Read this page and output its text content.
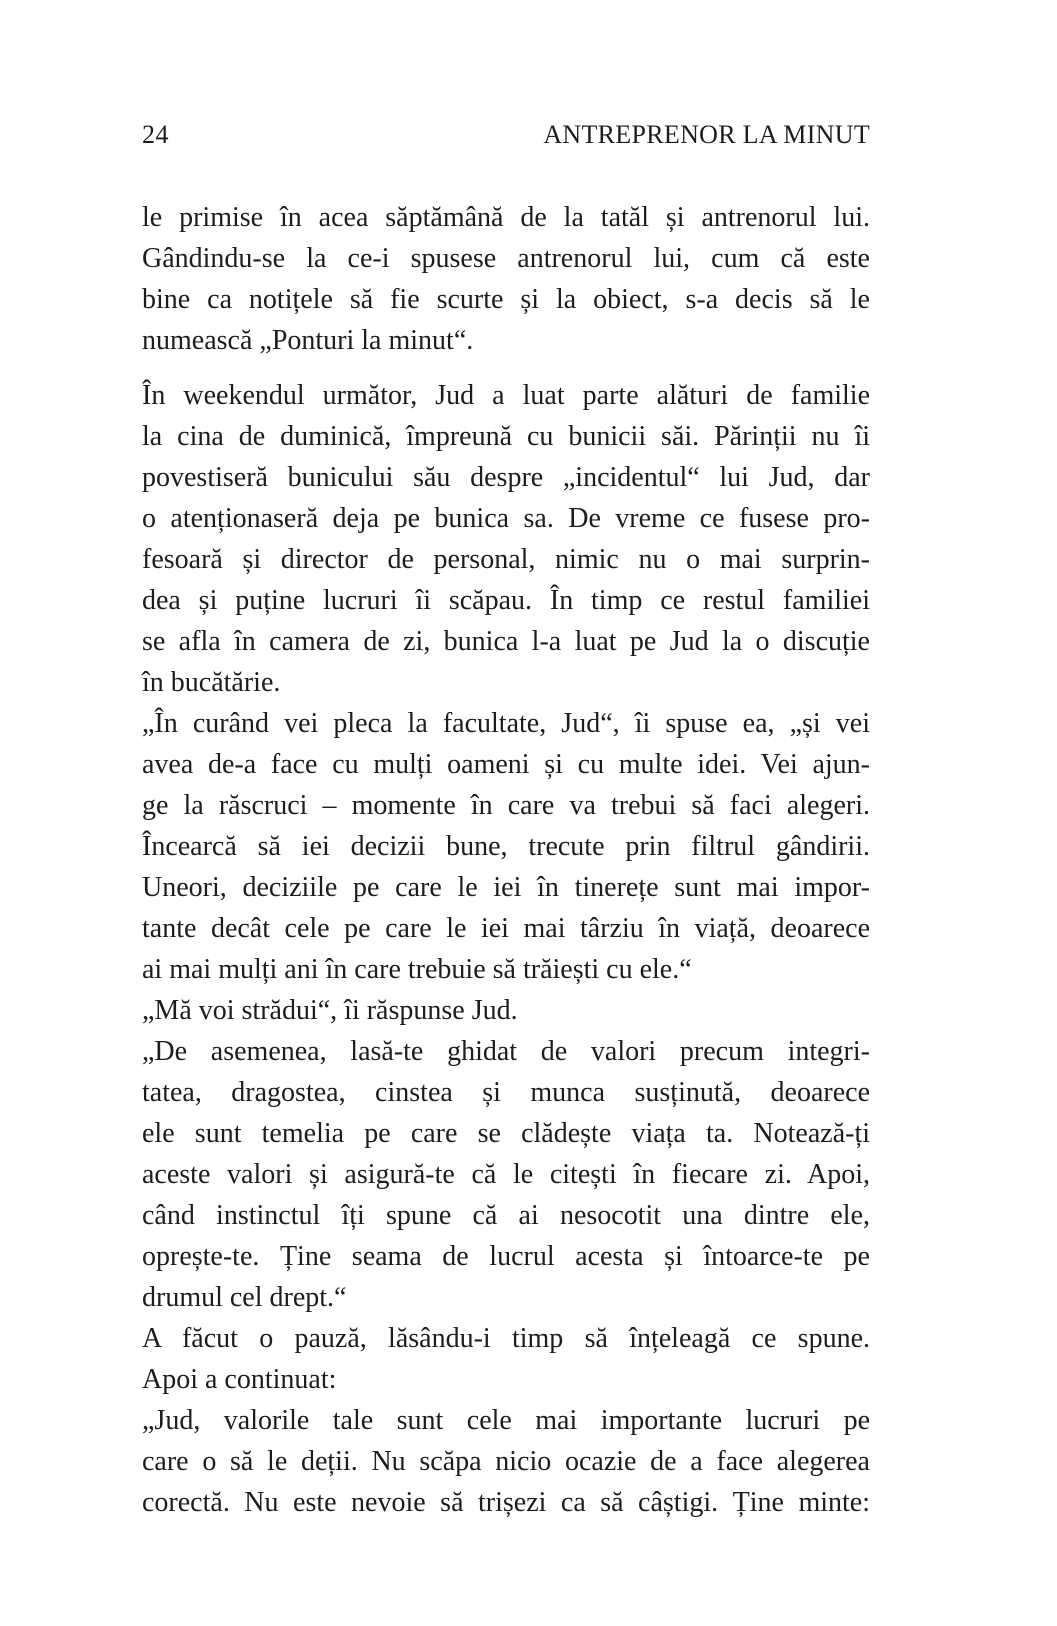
24	ANTREPRENOR LA MINUT
le primise în acea săptămână de la tatăl și antrenorul lui.
Gândindu-se la ce-i spusese antrenorul lui, cum că este
bine ca notițele să fie scurte și la obiect, s-a decis să le
numească „Ponturi la minut“.
În weekendul următor, Jud a luat parte alături de familie
la cina de duminică, împreună cu bunicii săi. Părinții nu îi
povestiseră bunicului său despre „incidentul“ lui Jud, dar
o atenționaseră deja pe bunica sa. De vreme ce fusese pro-
fesoară și director de personal, nimic nu o mai surprin-
dea și puține lucruri îi scăpau. În timp ce restul familiei
se afla în camera de zi, bunica l-a luat pe Jud la o discuție
în bucătărie.
„În curând vei pleca la facultate, Jud“, îi spuse ea, „și vei
avea de-a face cu mulți oameni și cu multe idei. Vei ajun-
ge la răscruci – momente în care va trebui să faci alegeri.
Încearcă să iei decizii bune, trecute prin filtrul gândirii.
Uneori, deciziile pe care le iei în tinerețe sunt mai impor-
tante decât cele pe care le iei mai târziu în viață, deoarece
ai mai mulți ani în care trebuie să trăiești cu ele.“
„Mă voi strădui“, îi răspunse Jud.
„De asemenea, lasă-te ghidat de valori precum integri-
tatea, dragostea, cinstea și munca susținută, deoarece
ele sunt temelia pe care se clădește viața ta. Notează-ți
aceste valori și asigură-te că le citești în fiecare zi. Apoi,
când instinctul îți spune că ai nesocotit una dintre ele,
oprește-te. Ține seama de lucrul acesta și întoarce-te pe
drumul cel drept.“
A făcut o pauză, lăsându-i timp să înțeleagă ce spune.
Apoi a continuat:
„Jud, valorile tale sunt cele mai importante lucruri pe
care o să le deții. Nu scăpa nicio ocazie de a face alegerea
corectă. Nu este nevoie să trișezi ca să câștigi. Ține minte:
